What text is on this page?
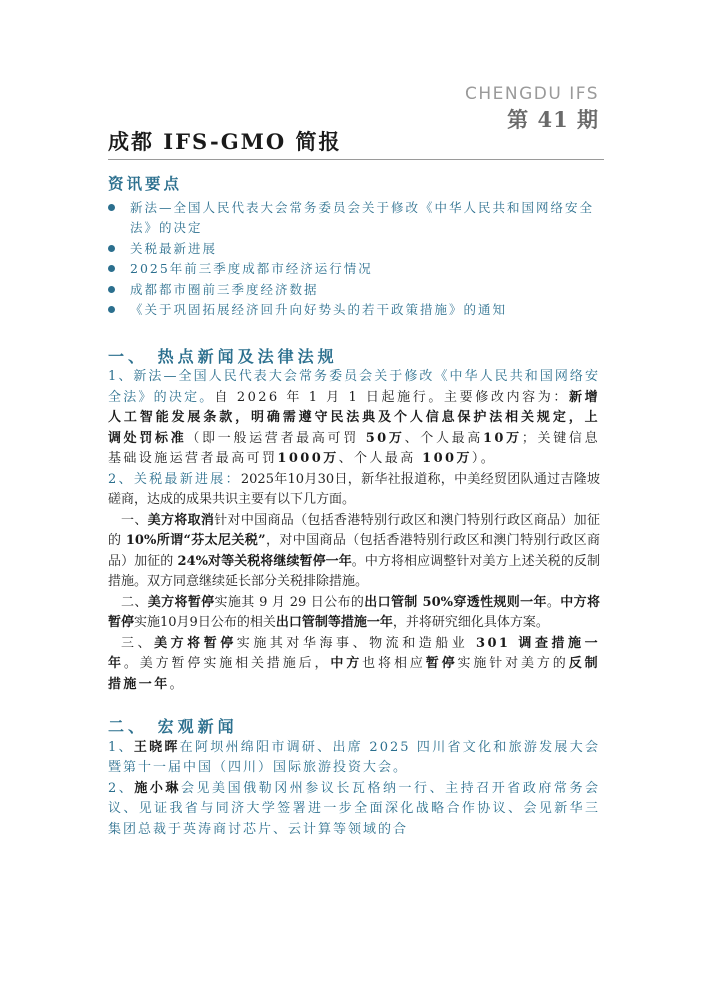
CHENGDU IFS
第 41 期
成都 IFS-GMO 简报
资讯要点
新法—全国人民代表大会常务委员会关于修改《中华人民共和国网络安全法》的决定
关税最新进展
2025年前三季度成都市经济运行情况
成都都市圈前三季度经济数据
《关于巩固拓展经济回升向好势头的若干政策措施》的通知
一、 热点新闻及法律法规

1、新法—全国人民代表大会常务委员会关于修改《中华人民共和国网络安全法》的决定。自 2026 年 1 月 1 日起施行。主要修改内容为：新增人工智能发展条款，明确需遵守民法典及个人信息保护法相关规定，上调处罚标准（即一般运营者最高可罚 50万、个人最高10万；关键信息基础设施运营者最高可罚1000万、个人最高 100万）。

2、关税最新进展：2025年10月30日，新华社报道称，中美经贸团队通过吉隆坡磋商，达成的成果共识主要有以下几方面。

一、美方将取消针对中国商品（包括香港特别行政区和澳门特别行政区商品）加征的 10%所谓“芬太尼关税”，对中国商品（包括香港特别行政区和澳门特别行政区商品）加征的 24%对等关税将继续暂停一年。中方将相应调整针对美方上述关税的反制措施。双方同意继续延长部分关税排除措施。

二、美方将暂停实施其 9 月 29 日公布的出口管制 50%穿透性规则一年。中方将暂停实施10月9日公布的相关出口管制等措施一年，并将研究细化具体方案。

三、美方将暂停实施其对华海事、物流和造船业 301 调查措施一年。美方暂停实施相关措施后，中方也将相应暂停实施针对美方的反制措施一年。

二、 宏观新闻

1、王晓晖在阿坝州绵阳市调研、出席 2025 四川省文化和旅游发展大会暨第十一届中国（四川）国际旅游投资大会。

2、施小琳会见美国俄勒冈州参议长瓦格纳一行、主持召开省政府常务会议、见证我省与同济大学签署进一步全面深化战略合作协议、会见新华三集团总裁于英涛商讨芯片、云计算等领域的合
